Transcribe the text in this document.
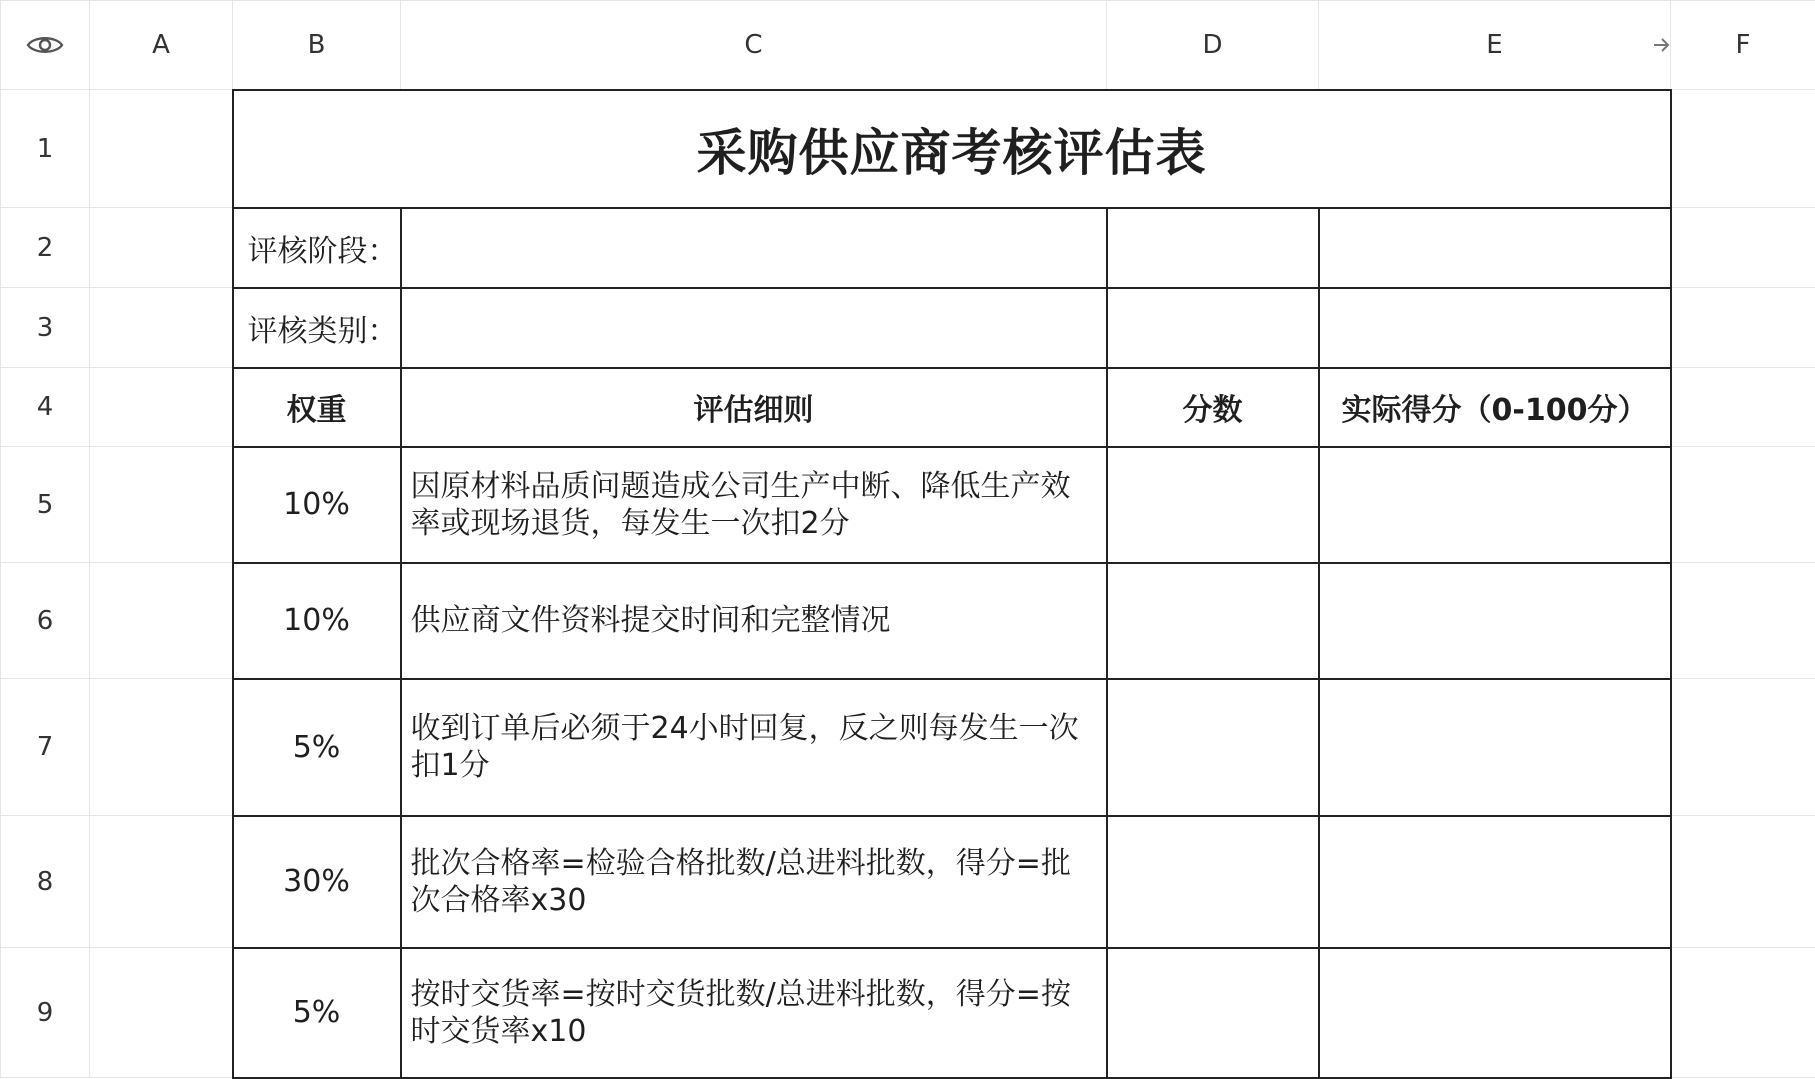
	A	B	C	D	E	F
1		采购供应商考核评估表				
2		评核阶段：				
3		评核类别：				
4		权重	评估细则	分数	实际得分（0-100分）	
5		10%	因原材料品质问题造成公司生产中断、降低生产效率或现场退货，每发生一次扣2分			
6		10%	供应商文件资料提交时间和完整情况			
7		5%	收到订单后必须于24小时回复，反之则每发生一次扣1分			
8		30%	批次合格率=检验合格批数/总进料批数，得分=批次合格率x30			
9		5%	按时交货率=按时交货批数/总进料批数，得分=按时交货率x10			
